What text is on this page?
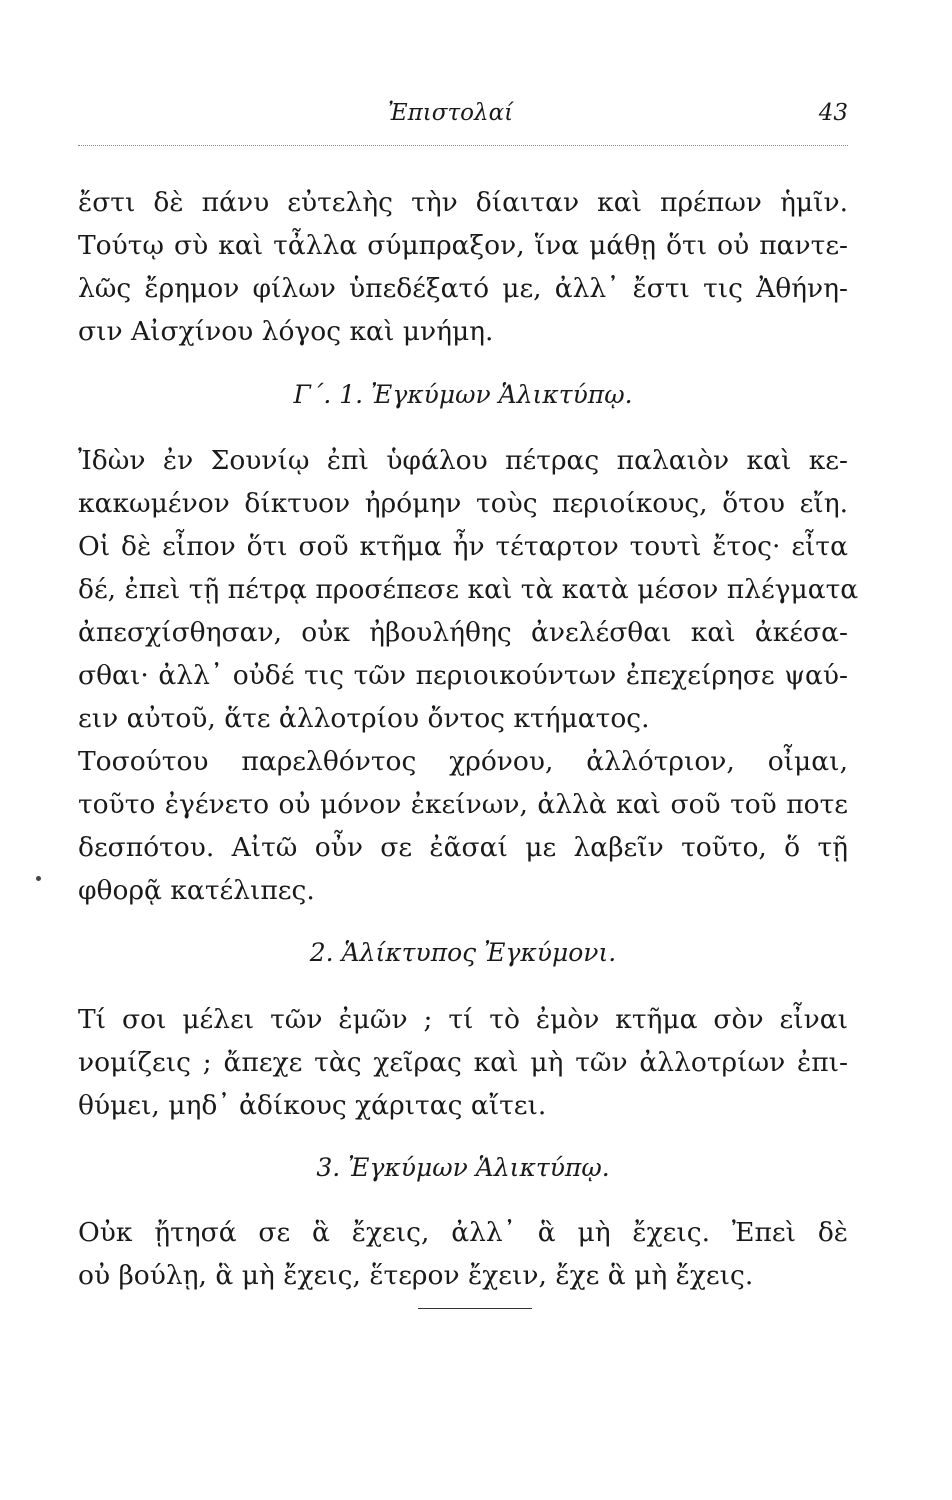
Ἐπιστολαί	43
ἔστι δὲ πάνυ εὐτελὴς τὴν δίαιταν καὶ πρέπων ἡμῖν.
Τούτῳ σὺ καὶ τἆλλα σύμπραξον, ἵνα μάθῃ ὅτι οὐ παντε-
λῶς ἔρημον φίλων ὑπεδέξατό με, ἀλλ᾽ ἔστι τις Ἀθήνη-
σιν Αἰσχίνου λόγος καὶ μνήμη.
Γ΄. 1. Ἐγκύμων Ἁλικτύπῳ.
Ἰδὼν ἐν Σουνίῳ ἐπὶ ὑφάλου πέτρας παλαιὸν καὶ κε-
κακωμένον δίκτυον ἠρόμην τοὺς περιοίκους, ὅτου εἴη.
Οἱ δὲ εἶπον ὅτι σοῦ κτῆμα ἦν τέταρτον τουτὶ ἔτος· εἶτα
δέ, ἐπεὶ τῇ πέτρᾳ προσέπεσε καὶ τὰ κατὰ μέσον πλέγματα
ἀπεσχίσθησαν, οὐκ ἠβουλήθης ἀνελέσθαι καὶ ἀκέσα-
σθαι· ἀλλ᾽ οὐδέ τις τῶν περιοικούντων ἐπεχείρησε ψαύ-
ειν αὐτοῦ, ἅτε ἀλλοτρίου ὄντος κτήματος.
Τοσούτου παρελθόντος χρόνου, ἀλλότριον, οἶμαι,
τοῦτο ἐγένετο οὐ μόνον ἐκείνων, ἀλλὰ καὶ σοῦ τοῦ ποτε
δεσπότου. Αἰτῶ οὖν σε ἐᾶσαί με λαβεῖν τοῦτο, ὅ τῇ
φθορᾷ κατέλιπες.
2. Ἁλίκτυπος Ἐγκύμονι.
Τί σοι μέλει τῶν ἐμῶν ; τί τὸ ἐμὸν κτῆμα σὸν εἶναι
νομίζεις ; ἄπεχε τὰς χεῖρας καὶ μὴ τῶν ἀλλοτρίων ἐπι-
θύμει, μηδ᾽ ἀδίκους χάριτας αἴτει.
3. Ἐγκύμων Ἁλικτύπῳ.
Οὐκ ᾔτησά σε ἃ ἔχεις, ἀλλ᾽ ἃ μὴ ἔχεις. Ἐπεὶ δὲ
οὐ βούλῃ, ἃ μὴ ἔχεις, ἕτερον ἔχειν, ἔχε ἃ μὴ ἔχεις.
